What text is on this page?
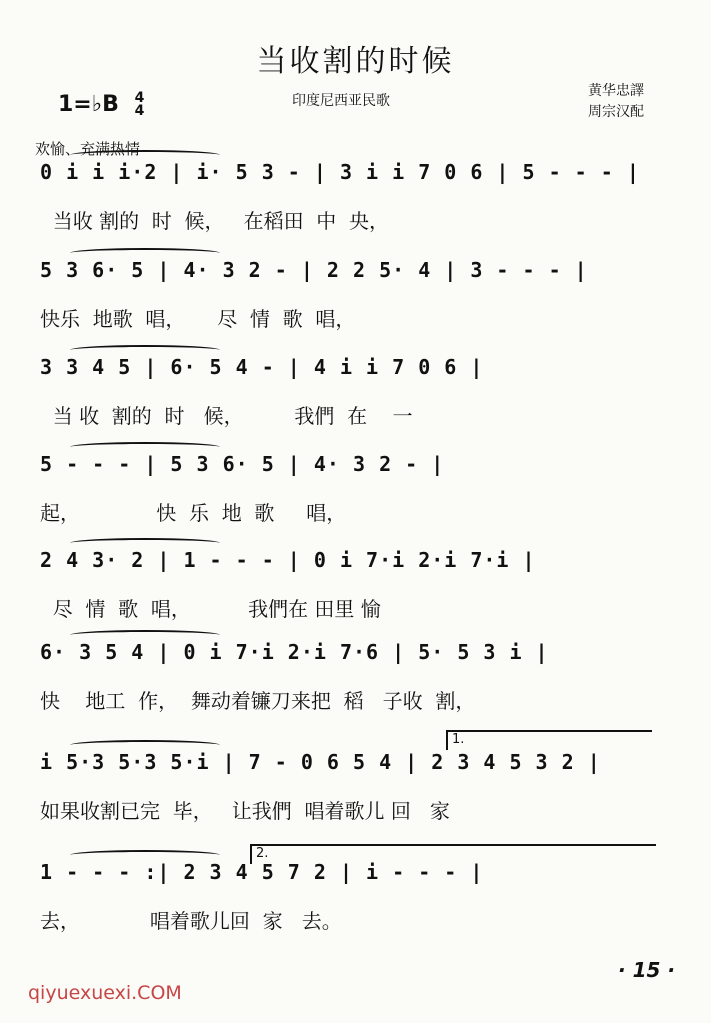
当收割的时候
1=♭B 4
4
印度尼西亚民歌
黄华忠譯
周宗汉配
欢愉、充满热情
0 i i i·2 | i· 5 3 - | 3 i i 7 0 6 | 5 - - - |
当收 割的  时  候，   在稻田  中  央，
5 3 6· 5 | 4· 3 2 - | 2 2 5· 4 | 3 - - - |
快乐  地歌  唱，     尽  情  歌  唱，
3 3 4 5 | 6· 5 4 - | 4 i i 7 0 6 |
当 收  割的  时   候，        我們  在    一
5 - - - | 5 3 6· 5 | 4· 3 2 - |
起，            快  乐  地  歌     唱，
2 4 3· 2 | 1 - - - | 0 i 7·i 2·i 7·i |
尽  情  歌  唱，         我們在 田里 愉
6· 3 5 4 | 0 i 7·i 2·i 7·6 | 5· 5 3 i |
快    地工  作，  舞动着镰刀来把  稻   子收  割，
i 5·3 5·3 5·i | 7 - 0 6 5 4 | 2 3 4 5 3 2 |
如果收割已完  毕，   让我們  唱着歌儿 回   家
1 - - - :| 2 3 4 5 7 2 | i - - - |
去，           唱着歌儿回  家   去。
1.
2.
· 15 ·
qiyuexuexi.COM
